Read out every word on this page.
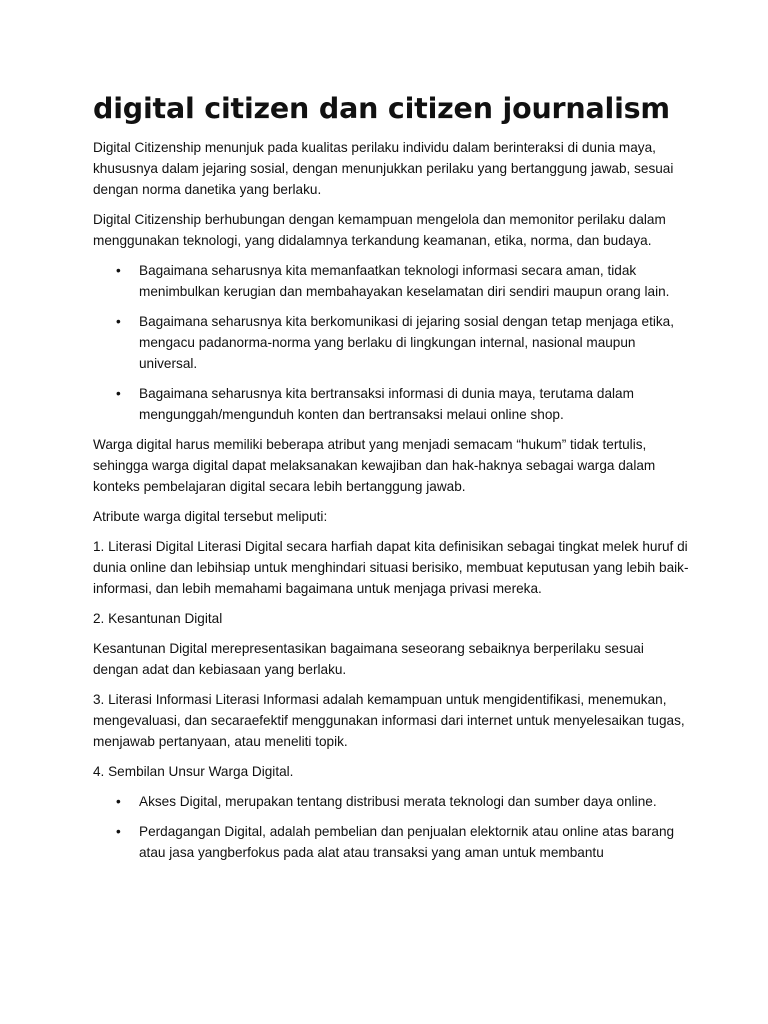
digital citizen dan citizen journalism

Digital Citizenship menunjuk pada kualitas perilaku individu dalam berinteraksi di dunia maya, khususnya dalam jejaring sosial, dengan menunjukkan perilaku yang bertanggung jawab, sesuai dengan norma danetika yang berlaku.

Digital Citizenship berhubungan dengan kemampuan mengelola dan memonitor perilaku dalam menggunakan teknologi, yang didalamnya terkandung keamanan, etika, norma, dan budaya.

• Bagaimana seharusnya kita memanfaatkan teknologi informasi secara aman, tidak menimbulkan kerugian dan membahayakan keselamatan diri sendiri maupun orang lain.
• Bagaimana seharusnya kita berkomunikasi di jejaring sosial dengan tetap menjaga etika, mengacu padanorma-norma yang berlaku di lingkungan internal, nasional maupun universal.
• Bagaimana seharusnya kita bertransaksi informasi di dunia maya, terutama dalam mengunggah/mengunduh konten dan bertransaksi melaui online shop.

Warga digital harus memiliki beberapa atribut yang menjadi semacam “hukum” tidak tertulis, sehingga warga digital dapat melaksanakan kewajiban dan hak-haknya sebagai warga dalam konteks pembelajaran digital secara lebih bertanggung jawab.

Atribute warga digital tersebut meliputi:

1. Literasi Digital Literasi Digital secara harfiah dapat kita definisikan sebagai tingkat melek huruf di dunia online dan lebihsiap untuk menghindari situasi berisiko, membuat keputusan yang lebih baik-informasi, dan lebih memahami bagaimana untuk menjaga privasi mereka.

2. Kesantunan Digital

Kesantunan Digital merepresentasikan bagaimana seseorang sebaiknya berperilaku sesuai dengan adat dan kebiasaan yang berlaku.

3. Literasi Informasi Literasi Informasi adalah kemampuan untuk mengidentifikasi, menemukan, mengevaluasi, dan secaraefektif menggunakan informasi dari internet untuk menyelesaikan tugas, menjawab pertanyaan, atau meneliti topik.

4. Sembilan Unsur Warga Digital.

• Akses Digital, merupakan tentang distribusi merata teknologi dan sumber daya online.
• Perdagangan Digital, adalah pembelian dan penjualan elektornik atau online atas barang atau jasa yangberfokus pada alat atau transaksi yang aman untuk membantu
